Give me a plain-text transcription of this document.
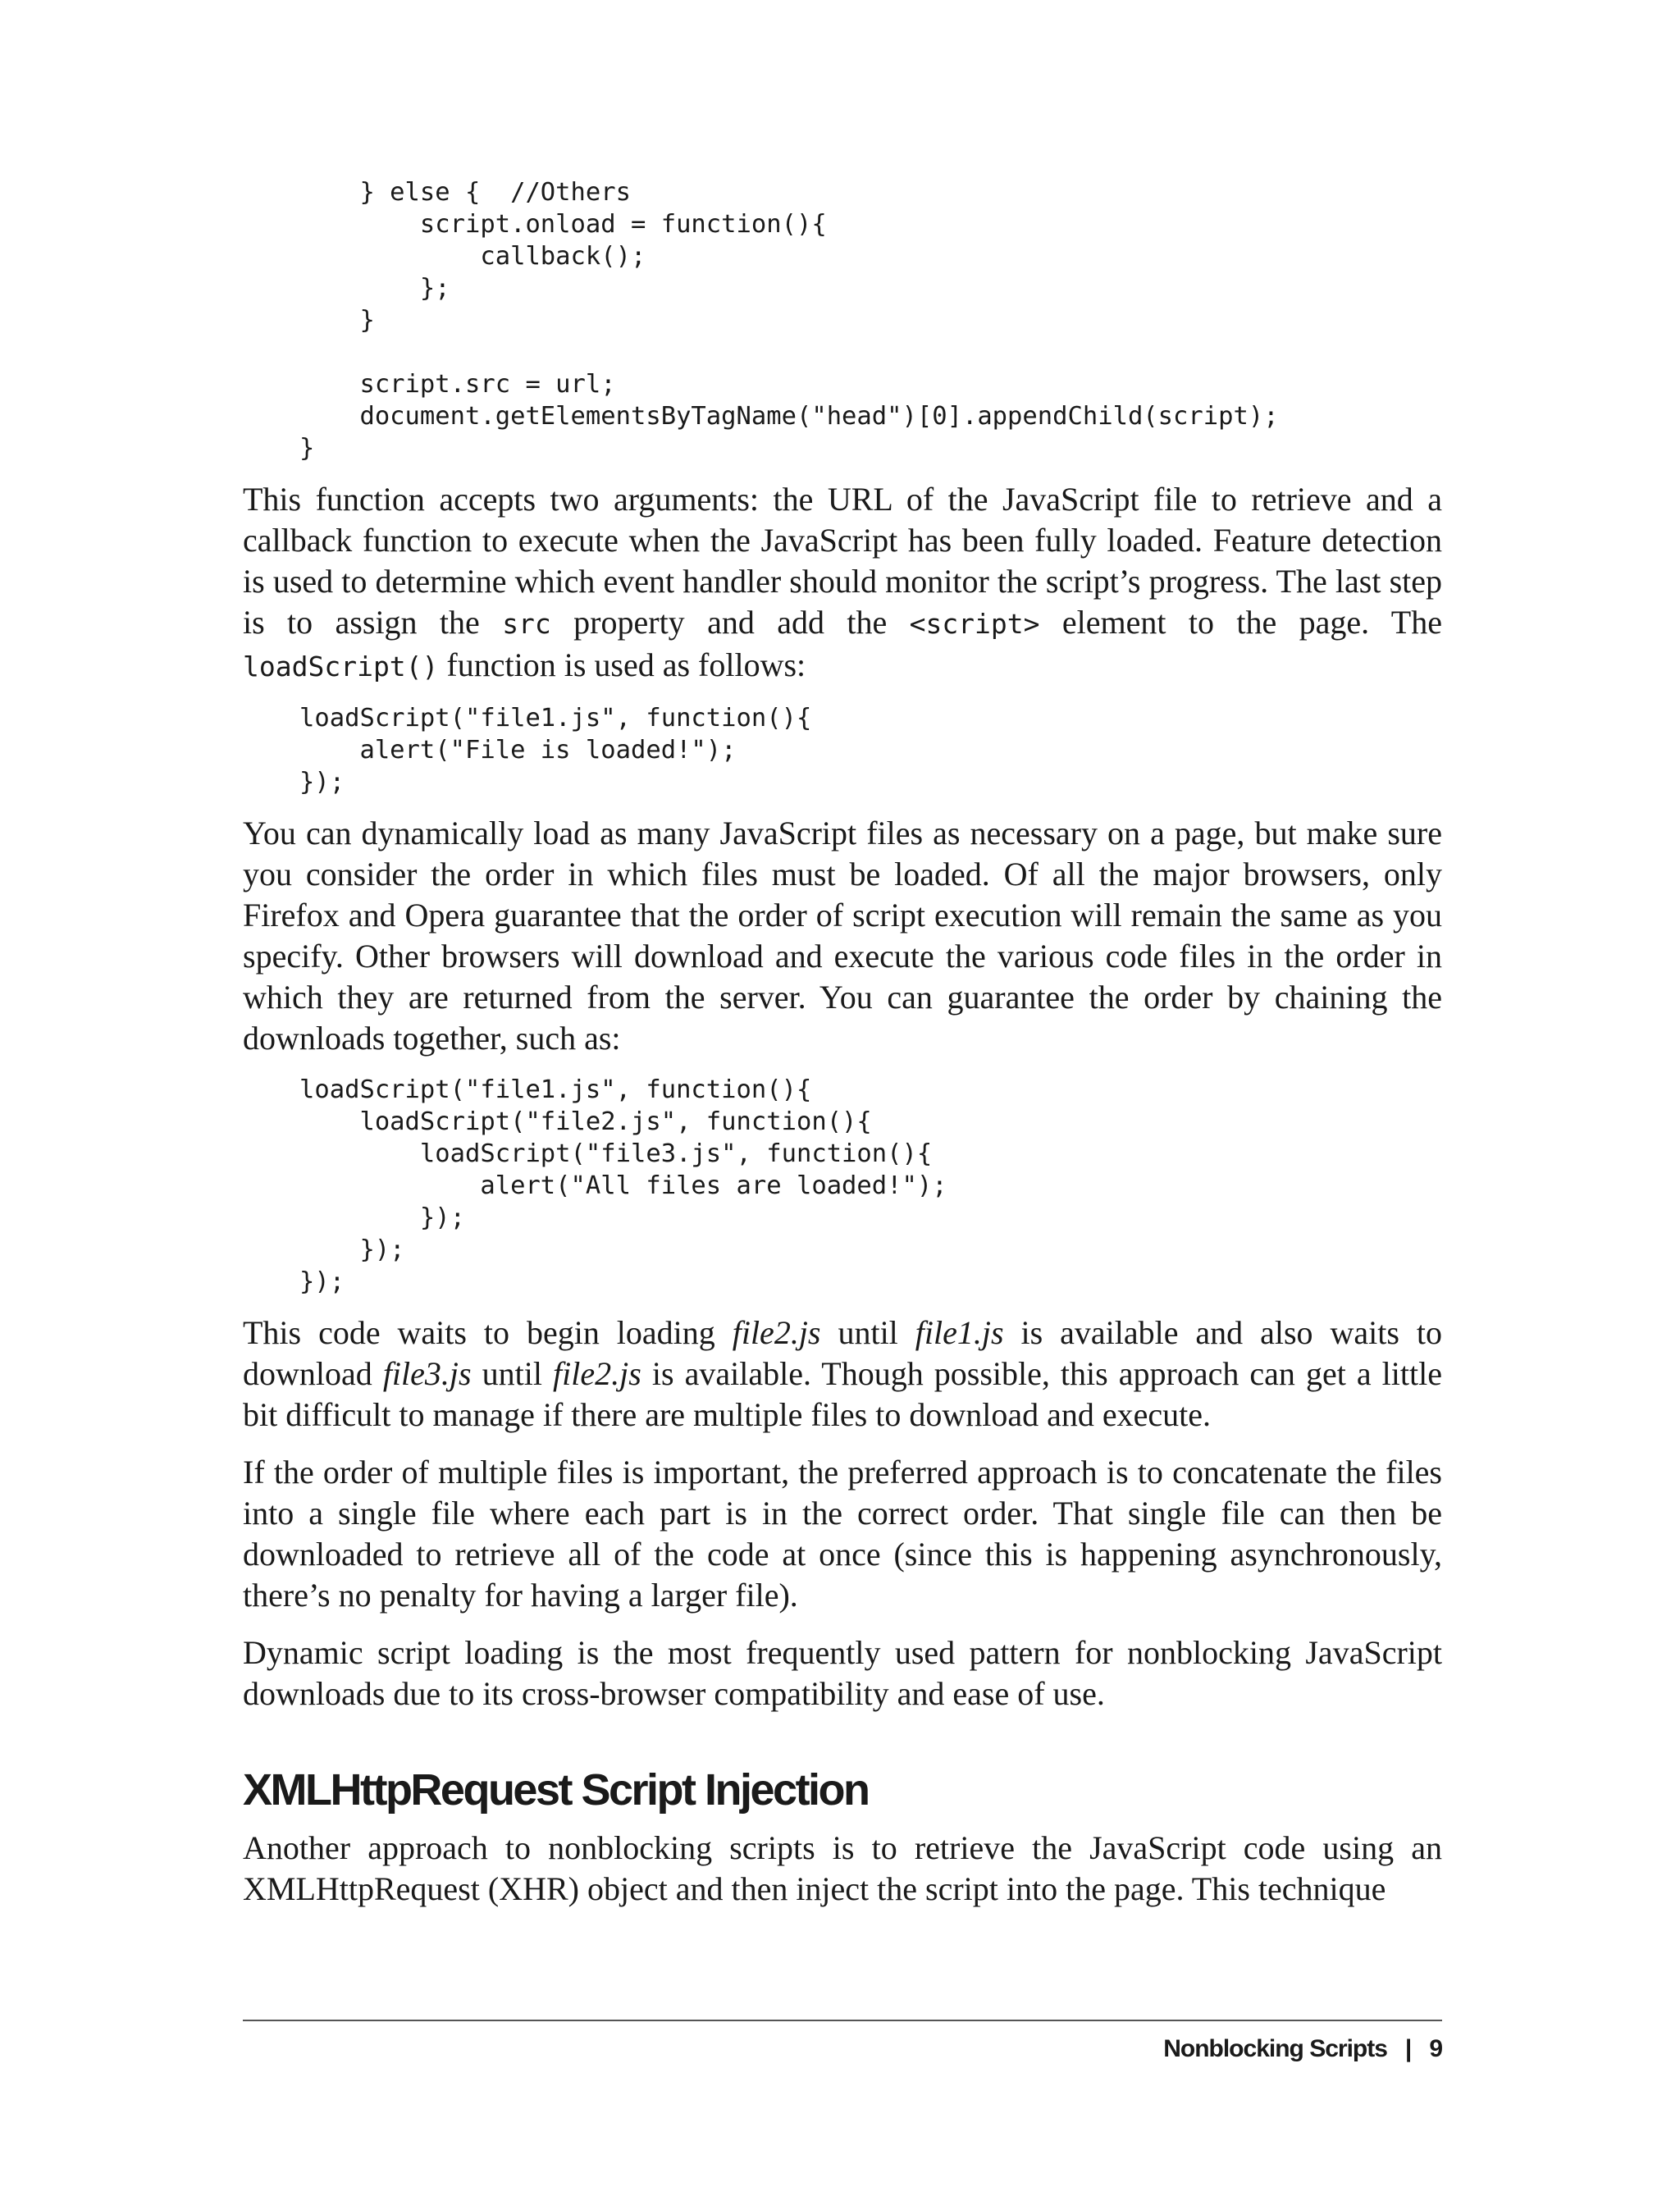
} else {  //Others
script.onload = function(){
callback();
};
}

script.src = url;
document.getElementsByTagName("head")[0].appendChild(script);
}

This function accepts two arguments: the URL of the JavaScript file to retrieve and a callback function to execute when the JavaScript has been fully loaded. Feature detection is used to determine which event handler should monitor the script’s progress. The last step is to assign the src property and add the <script> element to the page. The loadScript() function is used as follows:

loadScript("file1.js", function(){
alert("File is loaded!");
});

You can dynamically load as many JavaScript files as necessary on a page, but make sure you consider the order in which files must be loaded. Of all the major browsers, only Firefox and Opera guarantee that the order of script execution will remain the same as you specify. Other browsers will download and execute the various code files in the order in which they are returned from the server. You can guarantee the order by chaining the downloads together, such as:

loadScript("file1.js", function(){
loadScript("file2.js", function(){
loadScript("file3.js", function(){
alert("All files are loaded!");
});
});
});

This code waits to begin loading file2.js until file1.js is available and also waits to download file3.js until file2.js is available. Though possible, this approach can get a little bit difficult to manage if there are multiple files to download and execute.

If the order of multiple files is important, the preferred approach is to concatenate the files into a single file where each part is in the correct order. That single file can then be downloaded to retrieve all of the code at once (since this is happening asynchronously, there’s no penalty for having a larger file).

Dynamic script loading is the most frequently used pattern for nonblocking JavaScript downloads due to its cross-browser compatibility and ease of use.

XMLHttpRequest Script Injection

Another approach to nonblocking scripts is to retrieve the JavaScript code using an XMLHttpRequest (XHR) object and then inject the script into the page. This technique

Nonblocking Scripts | 9
